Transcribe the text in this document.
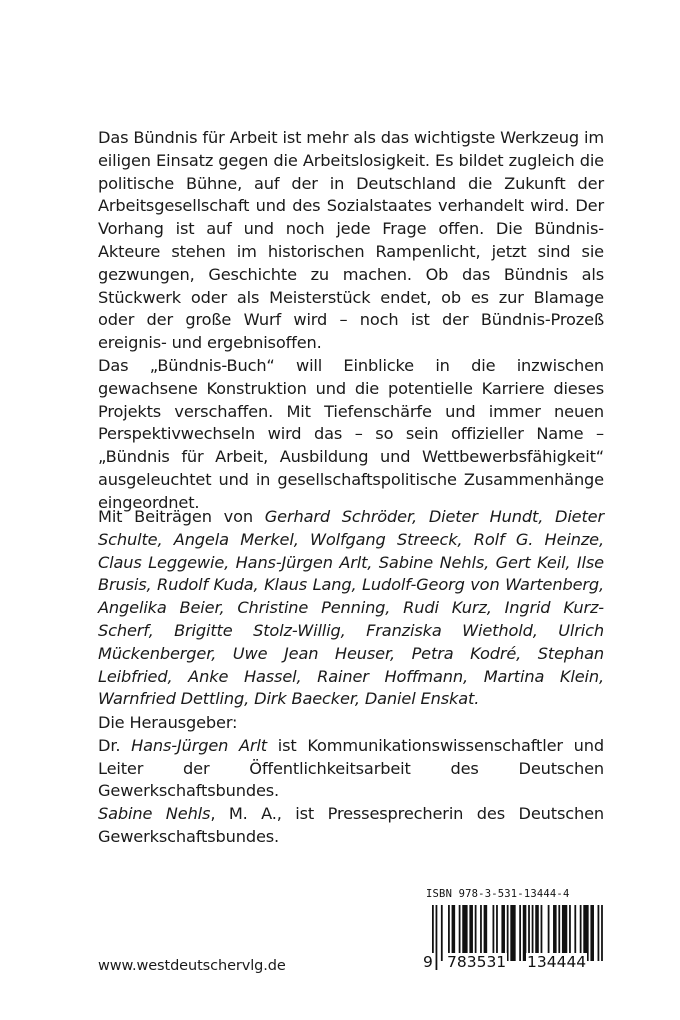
Das Bündnis für Arbeit ist mehr als das wichtigste Werkzeug im eiligen Einsatz gegen die Arbeitslosigkeit. Es bildet zugleich die politische Bühne, auf der in Deutschland die Zukunft der Arbeitsgesellschaft und des Sozialstaates verhandelt wird. Der Vorhang ist auf und noch jede Frage offen. Die Bündnis-Akteure stehen im historischen Rampenlicht, jetzt sind sie gezwungen, Geschichte zu machen. Ob das Bündnis als Stückwerk oder als Meisterstück endet, ob es zur Blamage oder der große Wurf wird – noch ist der Bündnis-Prozeß ereignis- und ergebnisoffen.

Das „Bündnis-Buch“ will Einblicke in die inzwischen gewachsene Konstruktion und die potentielle Karriere dieses Projekts verschaffen. Mit Tiefenschärfe und immer neuen Perspektivwechseln wird das – so sein offizieller Name – „Bündnis für Arbeit, Ausbildung und Wettbewerbsfähigkeit“ ausgeleuchtet und in gesellschaftspolitische Zusammenhänge eingeordnet.

Mit Beiträgen von Gerhard Schröder, Dieter Hundt, Dieter Schulte, Angela Merkel, Wolfgang Streeck, Rolf G. Heinze, Claus Leggewie, Hans-Jürgen Arlt, Sabine Nehls, Gert Keil, Ilse Brusis, Rudolf Kuda, Klaus Lang, Ludolf-Georg von Wartenberg, Angelika Beier, Christine Penning, Rudi Kurz, Ingrid Kurz-Scherf, Brigitte Stolz-Willig, Franziska Wiethold, Ulrich Mückenberger, Uwe Jean Heuser, Petra Kodré, Stephan Leibfried, Anke Hassel, Rainer Hoffmann, Martina Klein, Warnfried Dettling, Dirk Baecker, Daniel Enskat.

Die Herausgeber:

Dr. Hans-Jürgen Arlt ist Kommunikationswissenschaftler und Leiter der Öffentlichkeitsarbeit des Deutschen Gewerkschaftsbundes.

Sabine Nehls, M. A., ist Pressesprecherin des Deutschen Gewerkschaftsbundes.

www.westdeutschervlg.de
ISBN 978-3-531-13444-4
9 783531 134444
